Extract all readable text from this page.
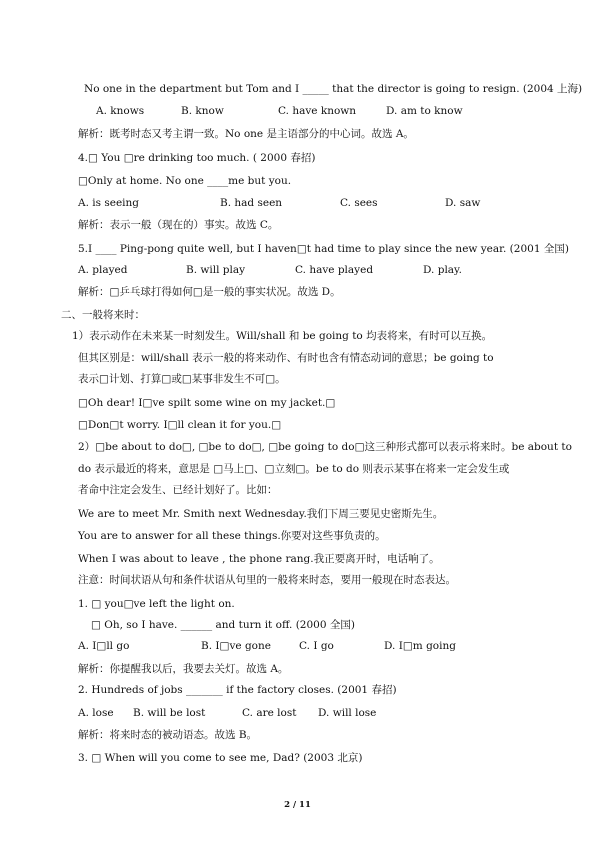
No one in the department but Tom and I _____ that the director is going to resign. (2004 上海)
A. knows	B. know	C. have known	D. am to know
解析：既考时态又考主谓一致。No one 是主语部分的中心词。故选 A。
4.□ You □re drinking too much. ( 2000 春招)
□Only at home. No one ____me but you.
A. is seeing	B. had seen	C. sees	D. saw
解析：表示一般（现在的）事实。故选 C。
5.I ____ Ping-pong quite well, but I haven□t had time to play since the new year. (2001 全国)
A. played	B. will play	C. have played	D. play.
解析：□乒乓球打得如何□是一般的事实状况。故选 D。
二、一般将来时：
1）表示动作在未来某一时刻发生。Will/shall 和 be going to 均表将来，有时可以互换。
但其区别是：will/shall 表示一般的将来动作、有时也含有情态动词的意思；be going to
表示□计划、打算□或□某事非发生不可□。
□Oh dear! I□ve spilt some wine on my jacket.□
□Don□t worry. I□ll clean it for you.□
2）□be about to do□, □be to do□, □be going to do□这三种形式都可以表示将来时。be about to
do 表示最近的将来，意思是 □马上□、□立刻□。be to do 则表示某事在将来一定会发生或
者命中注定会发生、已经计划好了。比如：
We are to meet Mr. Smith next Wednesday.我们下周三要见史密斯先生。
You are to answer for all these things.你要对这些事负责的。
When I was about to leave , the phone rang.我正要离开时，电话响了。
注意：时间状语从句和条件状语从句里的一般将来时态，要用一般现在时态表达。
1. □ you□ve left the light on.
□ Oh, so I have. ______ and turn it off. (2000 全国)
A. I□ll go	B. I□ve gone	C. I go	D. I□m going
解析：你提醒我以后，我要去关灯。故选 A。
2. Hundreds of jobs _______ if the factory closes. (2001 春招)
A. lose B. will be lost	C. are lost D. will lose
解析：将来时态的被动语态。故选 B。
3. □ When will you come to see me, Dad? (2003 北京)
2 / 11
